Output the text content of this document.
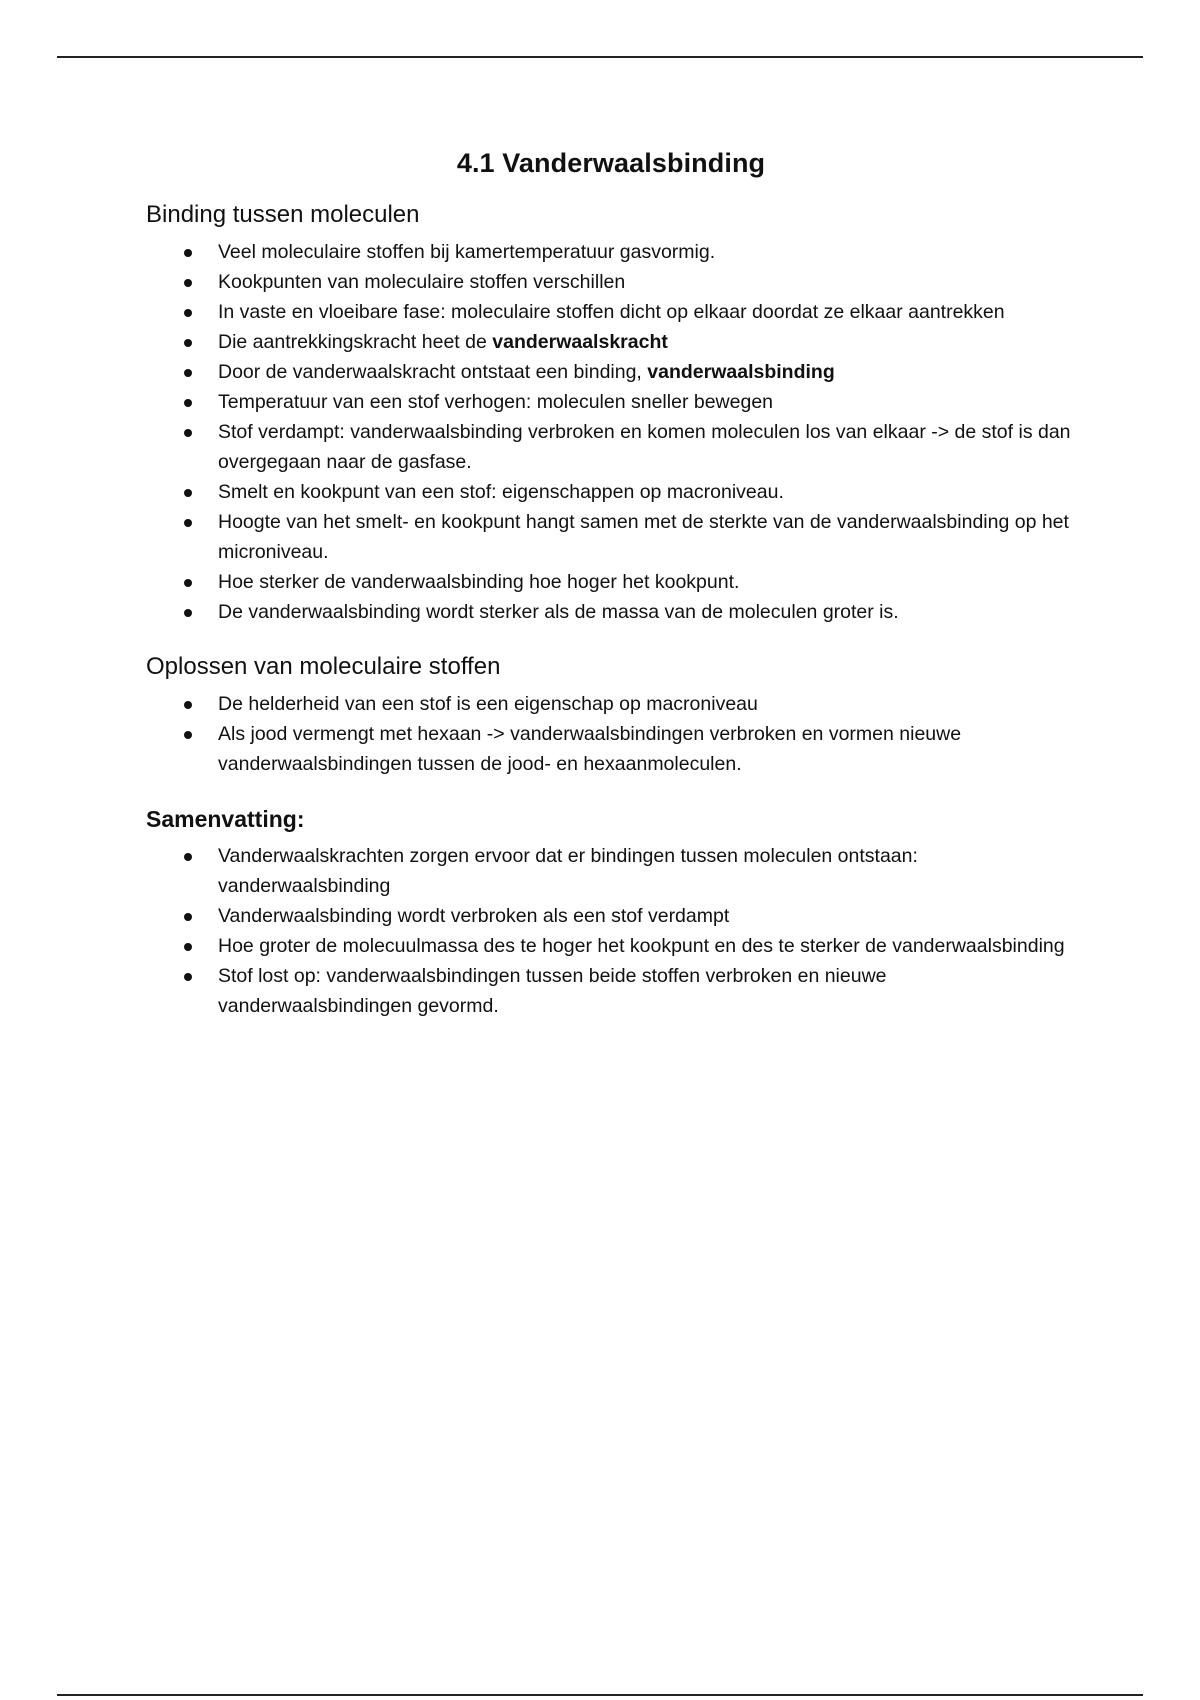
4.1 Vanderwaalsbinding
Binding tussen moleculen
Veel moleculaire stoffen bij kamertemperatuur gasvormig.
Kookpunten van moleculaire stoffen verschillen
In vaste en vloeibare fase: moleculaire stoffen dicht op elkaar doordat ze elkaar aantrekken
Die aantrekkingskracht heet de vanderwaalskracht
Door de vanderwaalskracht ontstaat een binding, vanderwaalsbinding
Temperatuur van een stof verhogen: moleculen sneller bewegen
Stof verdampt: vanderwaalsbinding verbroken en komen moleculen los van elkaar -> de stof is dan overgegaan naar de gasfase.
Smelt en kookpunt van een stof: eigenschappen op macroniveau.
Hoogte van het smelt- en kookpunt hangt samen met de sterkte van de vanderwaalsbinding op het microniveau.
Hoe sterker de vanderwaalsbinding hoe hoger het kookpunt.
De vanderwaalsbinding wordt sterker als de massa van de moleculen groter is.
Oplossen van moleculaire stoffen
De helderheid van een stof is een eigenschap op macroniveau
Als jood vermengt met hexaan -> vanderwaalsbindingen verbroken en vormen nieuwe vanderwaalsbindingen tussen de jood- en hexaanmoleculen.
Samenvatting:
Vanderwaalskrachten zorgen ervoor dat er bindingen tussen moleculen ontstaan: vanderwaalsbinding
Vanderwaalsbinding wordt verbroken als een stof verdampt
Hoe groter de molecuulmassa des te hoger het kookpunt en des te sterker de vanderwaalsbinding
Stof lost op: vanderwaalsbindingen tussen beide stoffen verbroken en nieuwe vanderwaalsbindingen gevormd.
